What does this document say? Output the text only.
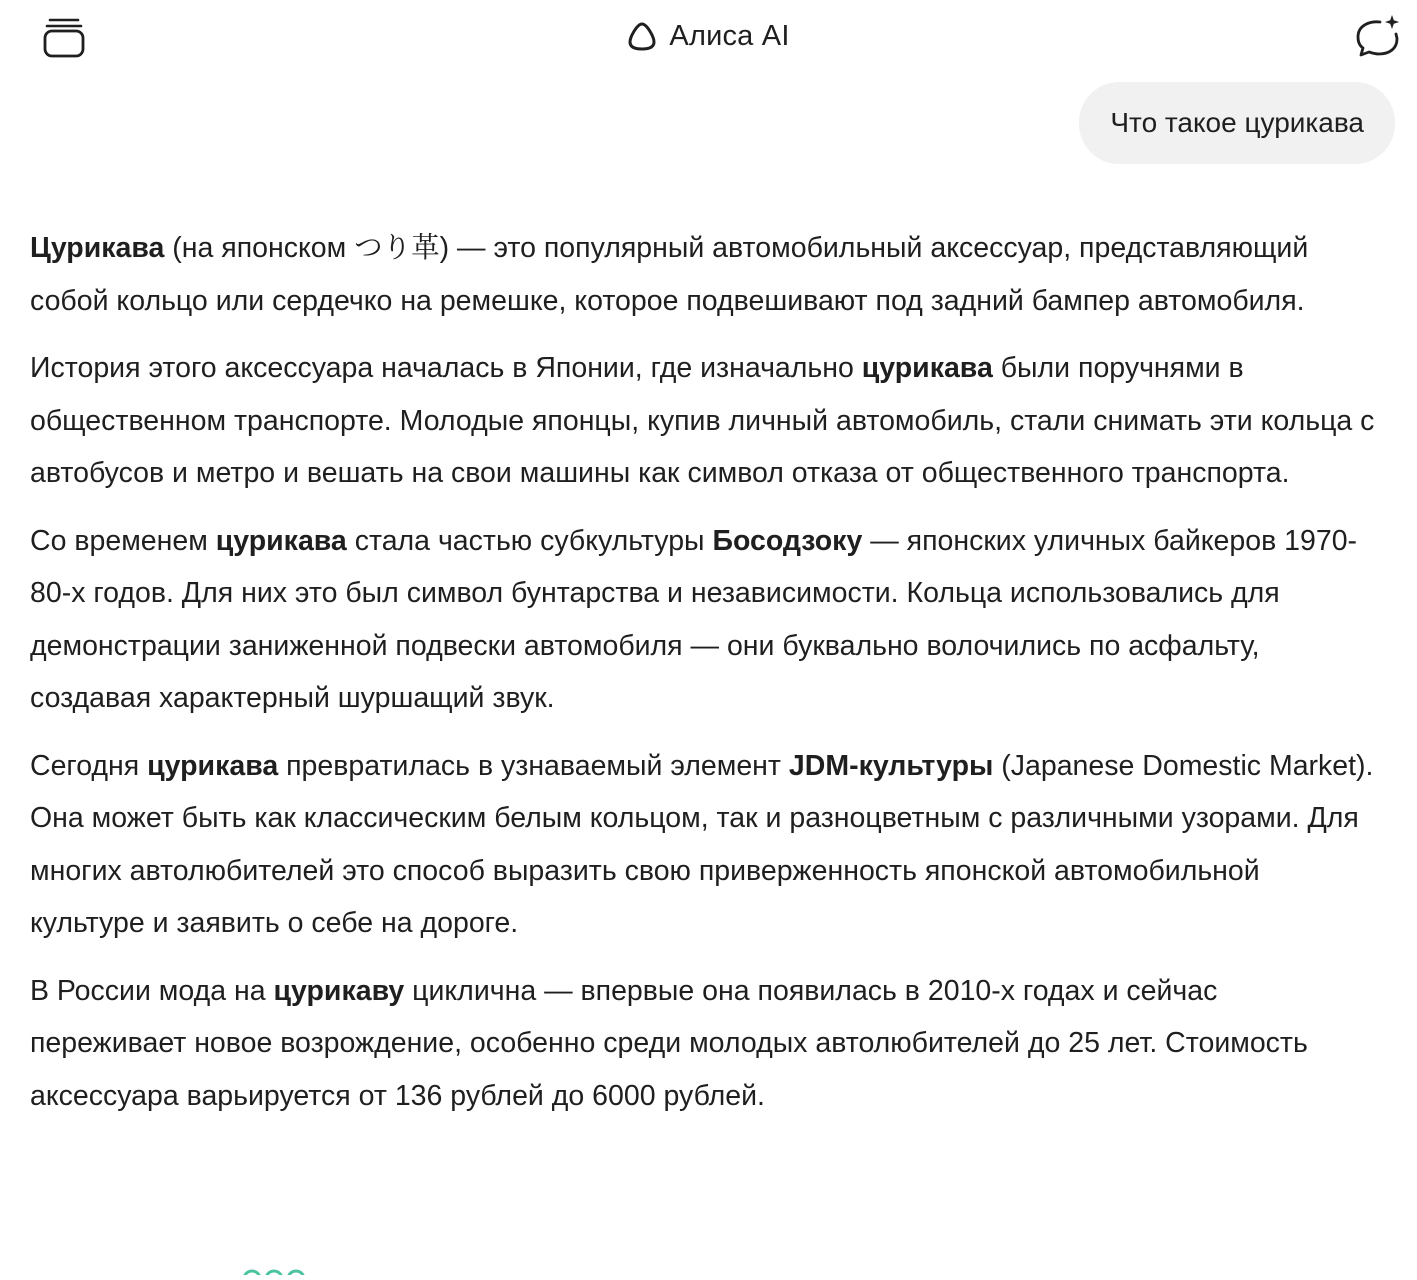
Алиса AI
Что такое цурикава

Цурикава (на японском つり革) — это популярный автомобильный аксессуар, представляющий собой кольцо или сердечко на ремешке, которое подвешивают под задний бампер автомобиля.

История этого аксессуара началась в Японии, где изначально цурикава были поручнями в общественном транспорте. Молодые японцы, купив личный автомобиль, стали снимать эти кольца с автобусов и метро и вешать на свои машины как символ отказа от общественного транспорта.

Со временем цурикава стала частью субкультуры Босодзоку — японских уличных байкеров 1970-80-х годов. Для них это был символ бунтарства и независимости. Кольца использовались для демонстрации заниженной подвески автомобиля — они буквально волочились по асфальту, создавая характерный шуршащий звук.

Сегодня цурикава превратилась в узнаваемый элемент JDM-культуры (Japanese Domestic Market). Она может быть как классическим белым кольцом, так и разноцветным с различными узорами. Для многих автолюбителей это способ выразить свою приверженность японской автомобильной культуре и заявить о себе на дороге.

В России мода на цурикаву циклична — впервые она появилась в 2010-х годах и сейчас переживает новое возрождение, особенно среди молодых автолюбителей до 25 лет. Стоимость аксессуара варьируется от 136 рублей до 6000 рублей.
